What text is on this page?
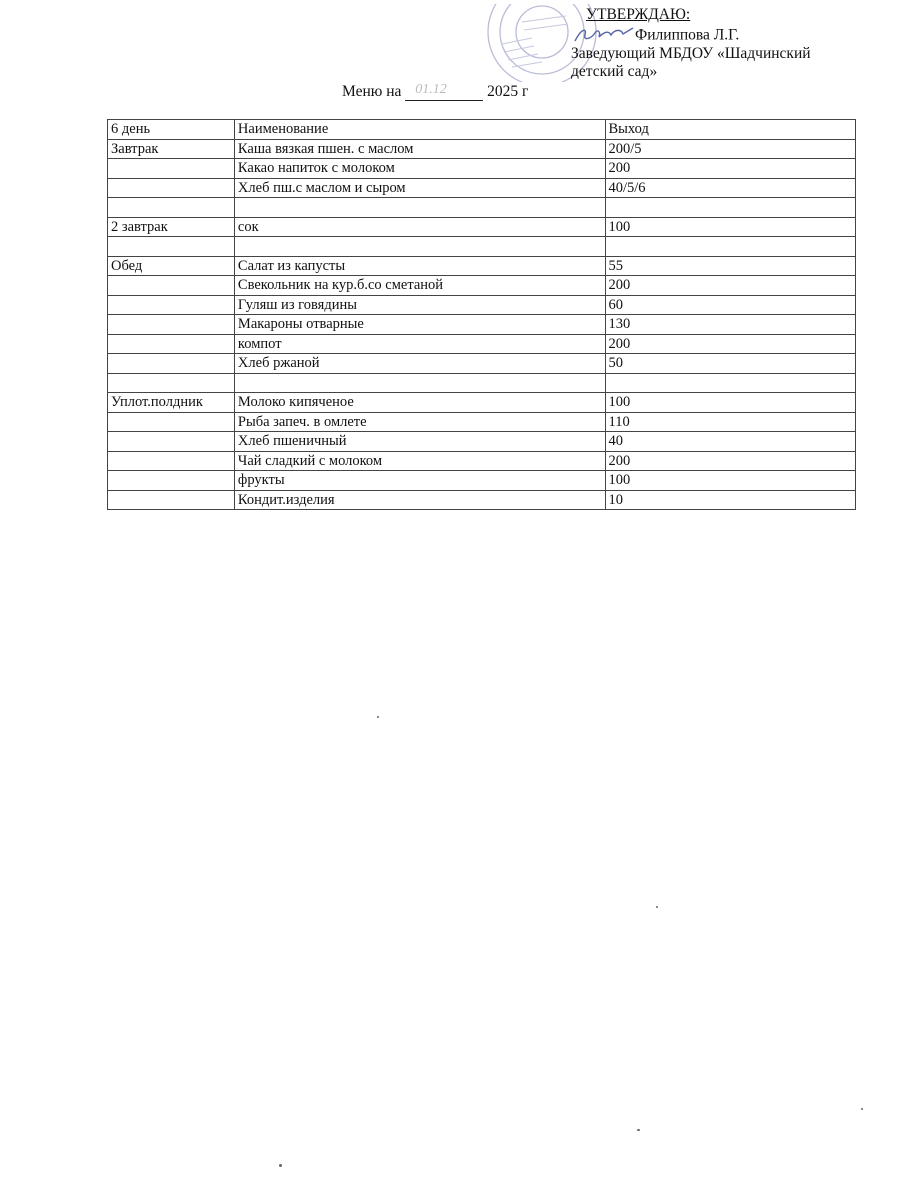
УТВЕРЖДАЮ:
Филиппова Л.Г.
Заведующий МБДОУ «Шадчинский
детский сад»
Меню на 01.12	2025 г
6 день	Наименование	Выход
Завтрак	Каша вязкая пшен. с маслом	200/5
	Какао напиток с молоком	200
	Хлеб пш.с маслом и сыром	40/5/6

2 завтрак	сок	100

Обед	Салат из капусты	55
	Свекольник на кур.б.со сметаной	200
	Гуляш из говядины	60
	Макароны отварные	130
	компот	200
	Хлеб ржаной	50

Уплот.полдник	Молоко кипяченое	100
	Рыба запеч. в омлете	110
	Хлеб пшеничный	40
	Чай сладкий с молоком	200
	фрукты	100
	Кондит.изделия	10
